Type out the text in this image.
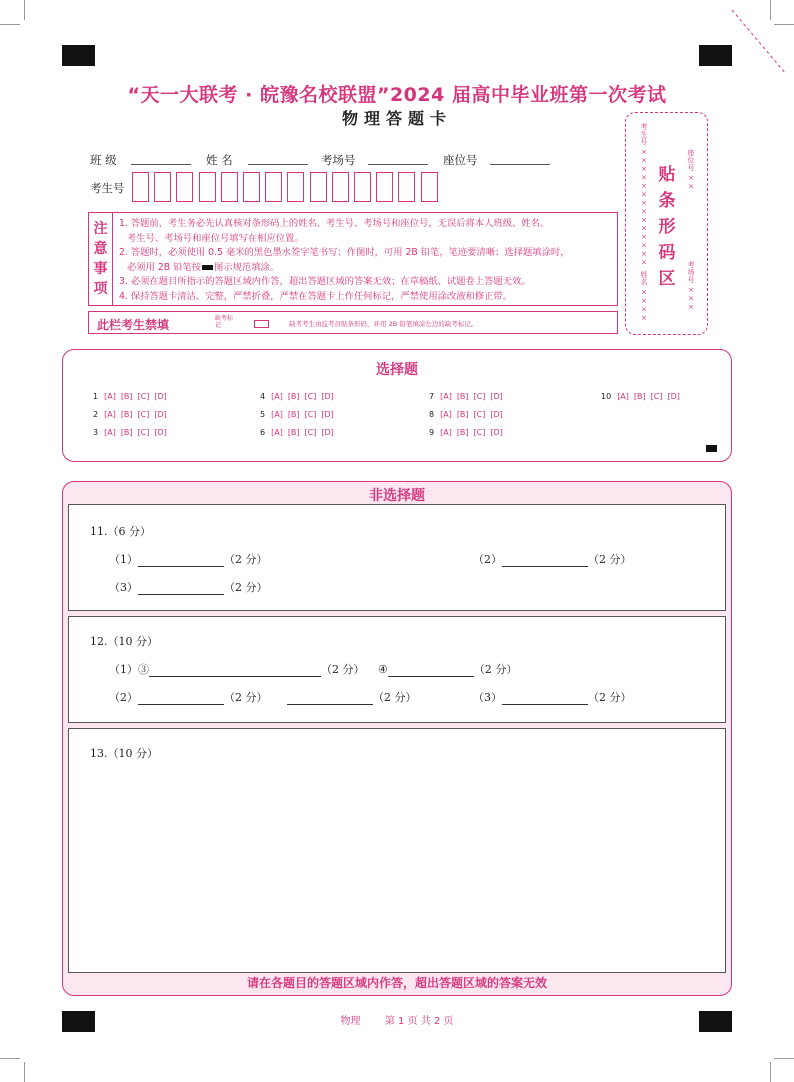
“天一大联考 · 皖豫名校联盟”2024 届高中毕业班第一次考试
物理答题卡
班 级	姓 名	考场号	座位号
考生号
注
意
事
项
1. 答题前，考生务必先认真核对条形码上的姓名、考生号、考场号和座位号，无误后将本人班级、姓名、
考生号、考场号和座位号填写在相应位置。
2. 答题时，必须使用 0.5 毫米的黑色墨水签字笔书写；作图时，可用 2B 铅笔，笔迹要清晰；选择题填涂时，
必须用 2B 铅笔按 图示规范填涂。
3. 必须在题目所指示的答题区域内作答，超出答题区域的答案无效；在草稿纸、试题卷上答题无效。
4. 保持答题卡清洁、完整，严禁折叠，严禁在答题卡上作任何标记，严禁使用涂改液和修正带。
此栏考生禁填	缺考标记	缺考考生由监考员贴条形码，并用 2B 铅笔填涂左边的缺考标记。
考生号 ××××××××××××××
姓名 ××××
座位号 ××
考场号 ×××
贴
条
形
码
区
选择题
1 [A] [B] [C] [D]
2 [A] [B] [C] [D]
3 [A] [B] [C] [D]
4 [A] [B] [C] [D]
5 [A] [B] [C] [D]
6 [A] [B] [C] [D]
7 [A] [B] [C] [D]
8 [A] [B] [C] [D]
9 [A] [B] [C] [D]
10 [A] [B] [C] [D]
非选择题
11.（6 分）
（1）	（2 分）	（2）	（2 分）
（3）	（2 分）
12.（10 分）
（1）③	（2 分） ④	（2 分）
（2）	（2 分）	（2 分）	（3）	（2 分）
13.（10 分）
请在各题目的答题区域内作答，超出答题区域的答案无效
物理 第 1 页 共 2 页
